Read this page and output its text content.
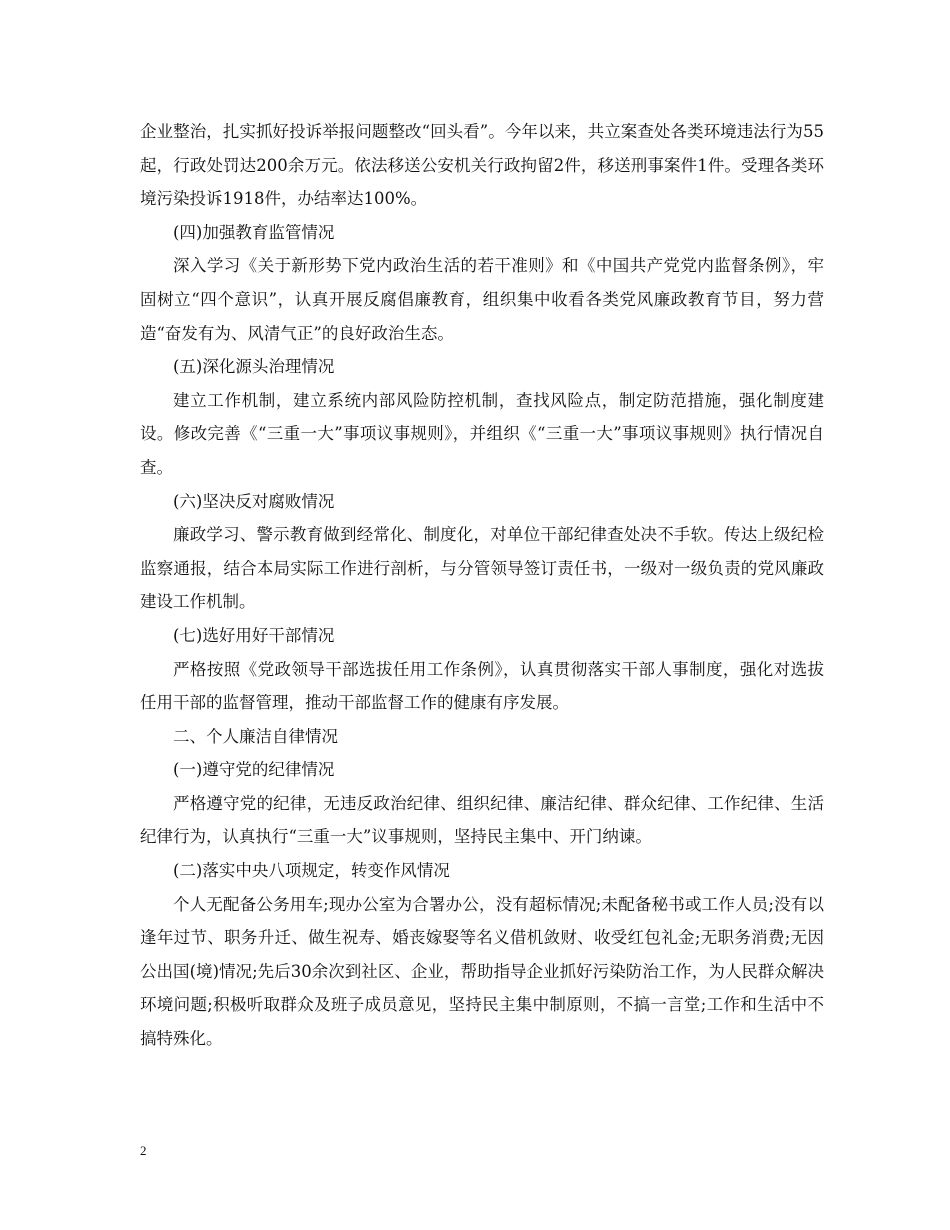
企业整治，扎实抓好投诉举报问题整改“回头看”。今年以来，共立案查处各类环境违法行为55起，行政处罚达200余万元。依法移送公安机关行政拘留2件，移送刑事案件1件。受理各类环境污染投诉1918件，办结率达100%。

(四)加强教育监管情况

深入学习《关于新形势下党内政治生活的若干准则》和《中国共产党党内监督条例》，牢固树立“四个意识”，认真开展反腐倡廉教育，组织集中收看各类党风廉政教育节目，努力营造“奋发有为、风清气正”的良好政治生态。

(五)深化源头治理情况

建立工作机制，建立系统内部风险防控机制，查找风险点，制定防范措施，强化制度建设。修改完善《“三重一大”事项议事规则》，并组织《“三重一大”事项议事规则》执行情况自查。

(六)坚决反对腐败情况

廉政学习、警示教育做到经常化、制度化，对单位干部纪律查处决不手软。传达上级纪检监察通报，结合本局实际工作进行剖析，与分管领导签订责任书，一级对一级负责的党风廉政建设工作机制。

(七)选好用好干部情况

严格按照《党政领导干部选拔任用工作条例》，认真贯彻落实干部人事制度，强化对选拔任用干部的监督管理，推动干部监督工作的健康有序发展。

二、个人廉洁自律情况

(一)遵守党的纪律情况

严格遵守党的纪律，无违反政治纪律、组织纪律、廉洁纪律、群众纪律、工作纪律、生活纪律行为，认真执行“三重一大”议事规则，坚持民主集中、开门纳谏。

(二)落实中央八项规定，转变作风情况

个人无配备公务用车;现办公室为合署办公，没有超标情况;未配备秘书或工作人员;没有以逢年过节、职务升迁、做生祝寿、婚丧嫁娶等名义借机敛财、收受红包礼金;无职务消费;无因公出国(境)情况;先后30余次到社区、企业，帮助指导企业抓好污染防治工作，为人民群众解决环境问题;积极听取群众及班子成员意见，坚持民主集中制原则，不搞一言堂;工作和生活中不搞特殊化。

2
